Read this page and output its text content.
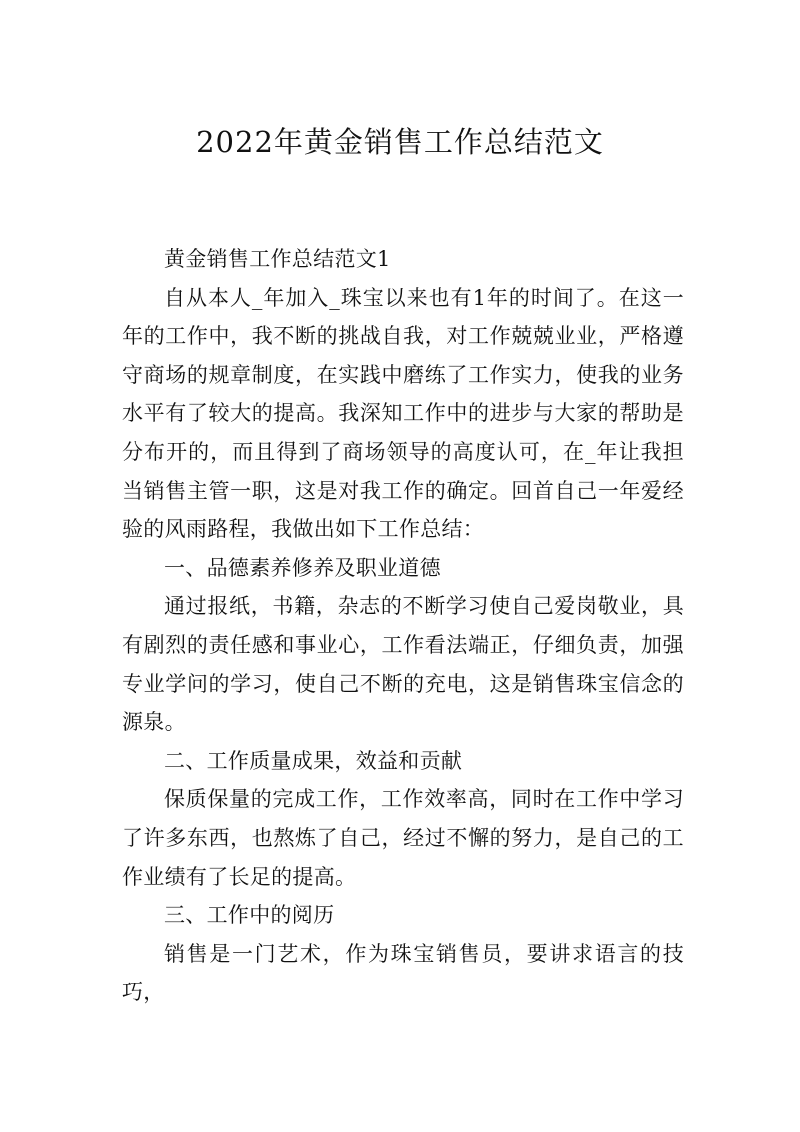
2022年黄金销售工作总结范文

黄金销售工作总结范文1

自从本人_年加入_珠宝以来也有1年的时间了。在这一年的工作中，我不断的挑战自我，对工作兢兢业业，严格遵守商场的规章制度，在实践中磨练了工作实力，使我的业务水平有了较大的提高。我深知工作中的进步与大家的帮助是分布开的，而且得到了商场领导的高度认可，在_年让我担当销售主管一职，这是对我工作的确定。回首自己一年爱经验的风雨路程，我做出如下工作总结：

一、品德素养修养及职业道德

通过报纸，书籍，杂志的不断学习使自己爱岗敬业，具有剧烈的责任感和事业心，工作看法端正，仔细负责，加强专业学问的学习，使自己不断的充电，这是销售珠宝信念的源泉。

二、工作质量成果，效益和贡献

保质保量的完成工作，工作效率高，同时在工作中学习了许多东西，也熬炼了自己，经过不懈的努力，是自己的工作业绩有了长足的提高。

三、工作中的阅历

销售是一门艺术，作为珠宝销售员，要讲求语言的技巧，
